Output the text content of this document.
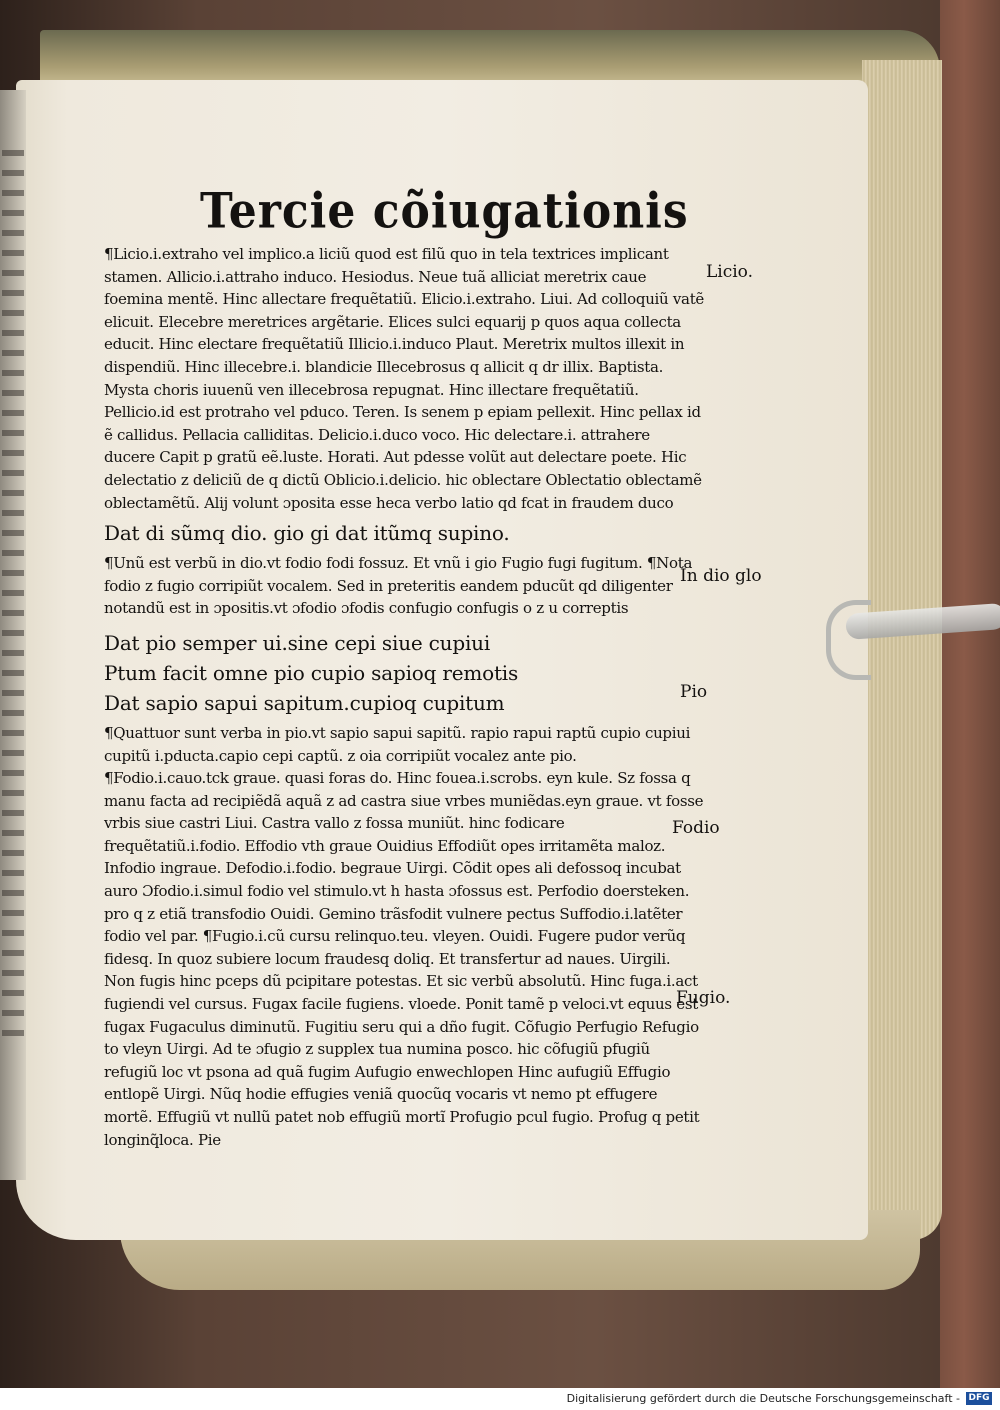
Tercie cõiugationis

¶Licio.i.extraho vel implico.a liciũ quod est filũ quo in tela textrices implicant stamen. Allicio.i.attraho induco. Hesiodus. Neue tuã alliciat meretrix caue foemina mentẽ. Hinc allectare frequẽtatiũ. Elicio.i.extraho. Liui. Ad colloquiũ vatẽ elicuit. Elecebre meretrices argẽtarie. Elices sulci equarij p quos aqua collecta educit. Hinc electare frequẽtatiũ Illicio.i.induco Plaut. Meretrix multos illexit in dispendiũ. Hinc illecebre.i. blandicie Illecebrosus q allicit q dr illix. Baptista. Mysta choris iuuenũ ven illecebrosa repugnat. Hinc illectare frequẽtatiũ. Pellicio.id est protraho vel pduco. Teren. Is senem p epiam pellexit. Hinc pellax id ẽ callidus. Pellacia calliditas. Delicio.i.duco voco. Hic delectare.i. attrahere ducere Capit p gratũ eẽ.luste. Horati. Aut pdesse volũt aut delectare poete. Hic delectatio z deliciũ de q dictũ Oblicio.i.delicio. hic oblectare Oblectatio oblectamẽ oblectamẽtũ. Alij volunt ɔposita esse heca verbo latio qd fcat in fraudem duco

Dat di sũmq dio. gio gi dat itũmq supino.

¶Unũ est verbũ in dio.vt fodio fodi fossuz. Et vnũ i gio Fugio fugi fugitum. ¶Nota fodio z fugio corripiũt vocalem. Sed in preteritis eandem pducũt qd diligenter notandũ est in ɔpositis.vt ɔfodio ɔfodis confugio confugis o z u correptis

Dat pio semper ui.sine cepi siue cupiui

Ptum facit omne pio cupio sapioq remotis

Dat sapio sapui sapitum.cupioq cupitum

¶Quattuor sunt verba in pio.vt sapio sapui sapitũ. rapio rapui raptũ cupio cupiui cupitũ i.pducta.capio cepi captũ. z oia corripiũt vocalez ante pio. ¶Fodio.i.cauo.tck graue. quasi foras do. Hinc fouea.i.scrobs. eyn kule. Sz fossa q manu facta ad recipiẽdã aquã z ad castra siue vrbes muniẽdas.eyn graue. vt fosse vrbis siue castri Liui. Castra vallo z fossa muniũt. hinc fodicare frequẽtatiũ.i.fodio. Effodio vth graue Ouidius Effodiũt opes irritamẽta maloz. Infodio ingraue. Defodio.i.fodio. begraue Uirgi. Cõdit opes ali defossoq incubat auro Ɔfodio.i.simul fodio vel stimulo.vt h hasta ɔfossus est. Perfodio doersteken. pro q z etiã transfodio Ouidi. Gemino trãsfodit vulnere pectus Suffodio.i.latẽter fodio vel par. ¶Fugio.i.cũ cursu relinquo.teu. vleyen. Ouidi. Fugere pudor verũq fidesq. In quoz subiere locum fraudesq doliq. Et transfertur ad naues. Uirgili. Non fugis hinc pceps dũ pcipitare potestas. Et sic verbũ absolutũ. Hinc fuga.i.act fugiendi vel cursus. Fugax facile fugiens. vloede. Ponit tamẽ p veloci.vt equus est fugax Fugaculus diminutũ. Fugitiu seru qui a dño fugit. Cõfugio Perfugio Refugio to vleyn Uirgi. Ad te ɔfugio z supplex tua numina posco. hic cõfugiũ pfugiũ refugiũ loc vt psona ad quã fugim Aufugio enwechlopen Hinc aufugiũ Effugio entlopẽ Uirgi. Nũq hodie effugies veniã quocũq vocaris vt nemo pt effugere mortẽ. Effugiũ vt nullũ patet nob effugiũ mortĩ Profugio pcul fugio. Profug q petit longinq̃loca. Pie

Licio.
In dio glo
Pio
Fodio
Fugio.
Digitalisierung gefördert durch die Deutsche Forschungsgemeinschaft - DFG
